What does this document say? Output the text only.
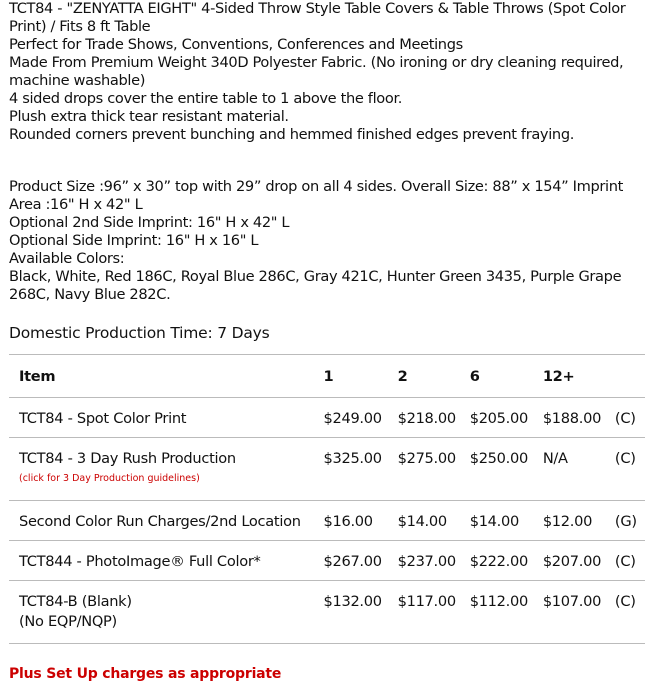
TCT84 - "ZENYATTA EIGHT" 4-Sided Throw Style Table Covers & Table Throws (Spot Color Print) / Fits 8 ft Table

Perfect for Trade Shows, Conventions, Conferences and Meetings

Made From Premium Weight 340D Polyester Fabric. (No ironing or dry cleaning required, machine washable)

4 sided drops cover the entire table to 1 above the floor.

Plush extra thick tear resistant material.

Rounded corners prevent bunching and hemmed finished edges prevent fraying.

Product Size :96” x 30” top with 29” drop on all 4 sides. Overall Size: 88” x 154” Imprint Area :16" H x 42" L

Optional 2nd Side Imprint: 16" H x 42" L

Optional Side Imprint: 16" H x 16" L

Available Colors:

Black, White, Red 186C, Royal Blue 286C, Gray 421C, Hunter Green 3435, Purple Grape 268C, Navy Blue 282C.

Domestic Production Time: 7 Days
Item	1	2	6	12+	
TCT84 - Spot Color Print	$249.00	$218.00	$205.00	$188.00	(C)
TCT84 - 3 Day Rush Production
(click for 3 Day Production guidelines)	$325.00	$275.00	$250.00	N/A	(C)
Second Color Run Charges/2nd Location	$16.00	$14.00	$14.00	$12.00	(G)
TCT844 - PhotoImage® Full Color*	$267.00	$237.00	$222.00	$207.00	(C)
TCT84-B (Blank)
(No EQP/NQP)	$132.00	$117.00	$112.00	$107.00	(C)
Plus Set Up charges as appropriate
